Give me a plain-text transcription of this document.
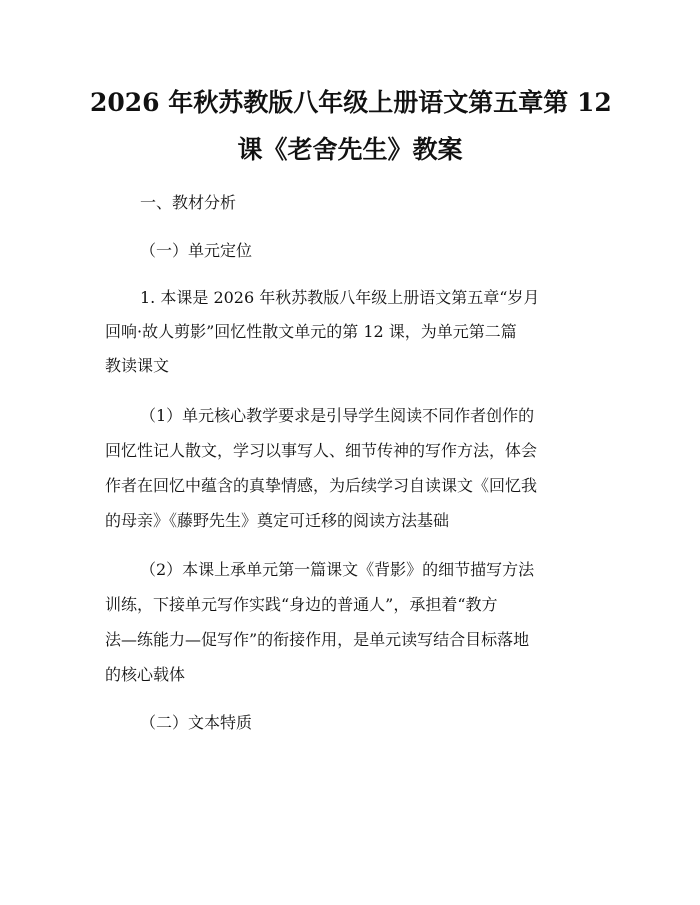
2026 年秋苏教版八年级上册语文第五章第 12
课《老舍先生》教案
一、教材分析
（一）单元定位
1. 本课是 2026 年秋苏教版八年级上册语文第五章“岁月
回响·故人剪影”回忆性散文单元的第 12 课，为单元第二篇
教读课文
（1）单元核心教学要求是引导学生阅读不同作者创作的
回忆性记人散文，学习以事写人、细节传神的写作方法，体会
作者在回忆中蕴含的真挚情感，为后续学习自读课文《回忆我
的母亲》《藤野先生》奠定可迁移的阅读方法基础
（2）本课上承单元第一篇课文《背影》的细节描写方法
训练，下接单元写作实践“身边的普通人”，承担着“教方
法—练能力—促写作”的衔接作用，是单元读写结合目标落地
的核心载体
（二）文本特质
